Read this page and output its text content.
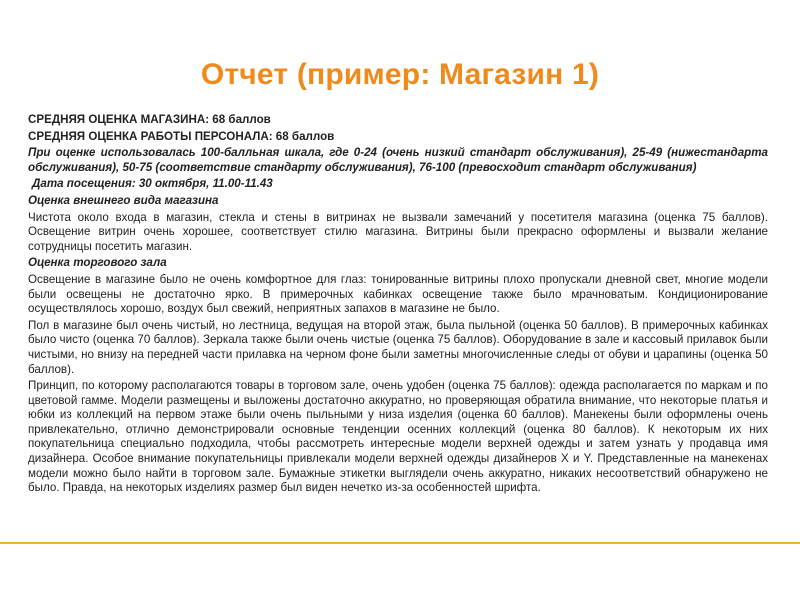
Отчет (пример: Магазин 1)

СРЕДНЯЯ ОЦЕНКА МАГАЗИНА: 68 баллов

СРЕДНЯЯ ОЦЕНКА РАБОТЫ ПЕРСОНАЛА: 68 баллов

При оценке использовалась 100-балльная шкала, где 0-24 (очень низкий стандарт обслуживания), 25-49 (нижестандарта обслуживания), 50-75 (соответствие стандарту обслуживания), 76-100 (превосходит стандарт обслуживания)

Дата посещения: 30 октября, 11.00-11.43

Оценка внешнего вида магазина

Чистота около входа в магазин, стекла и стены в витринах не вызвали замечаний у посетителя магазина (оценка 75 баллов). Освещение витрин очень хорошее, соответствует стилю магазина. Витрины были прекрасно оформлены и вызвали желание сотрудницы посетить магазин.

Оценка торгового зала

Освещение в магазине было не очень комфортное для глаз: тонированные витрины плохо пропускали дневной свет, многие модели были освещены не достаточно ярко. В примерочных кабинках освещение также было мрачноватым. Кондиционирование осуществлялось хорошо, воздух был свежий, неприятных запахов в магазине не было.

Пол в магазине был очень чистый, но лестница, ведущая на второй этаж, была пыльной (оценка 50 баллов). В примерочных кабинках было чисто (оценка 70 баллов). Зеркала также были очень чистые (оценка 75 баллов). Оборудование в зале и кассовый прилавок были чистыми, но внизу на передней части прилавка на черном фоне были заметны многочисленные следы от обуви и царапины (оценка 50 баллов).

Принцип, по которому располагаются товары в торговом зале, очень удобен (оценка 75 баллов): одежда располагается по маркам и по цветовой гамме. Модели размещены и выложены достаточно аккуратно, но проверяющая обратила внимание, что некоторые платья и юбки из коллекций на первом этаже были очень пыльными у низа изделия (оценка 60 баллов). Манекены были оформлены очень привлекательно, отлично демонстрировали основные тенденции осенних коллекций (оценка 80 баллов). К некоторым их них покупательница специально подходила, чтобы рассмотреть интересные модели верхней одежды и затем узнать у продавца имя дизайнера. Особое внимание покупательницы привлекали модели верхней одежды дизайнеров X и Y. Представленные на манекенах модели можно было найти в торговом зале. Бумажные этикетки выглядели очень аккуратно, никаких несоответствий обнаружено не было. Правда, на некоторых изделиях размер был виден нечетко из-за особенностей шрифта.
